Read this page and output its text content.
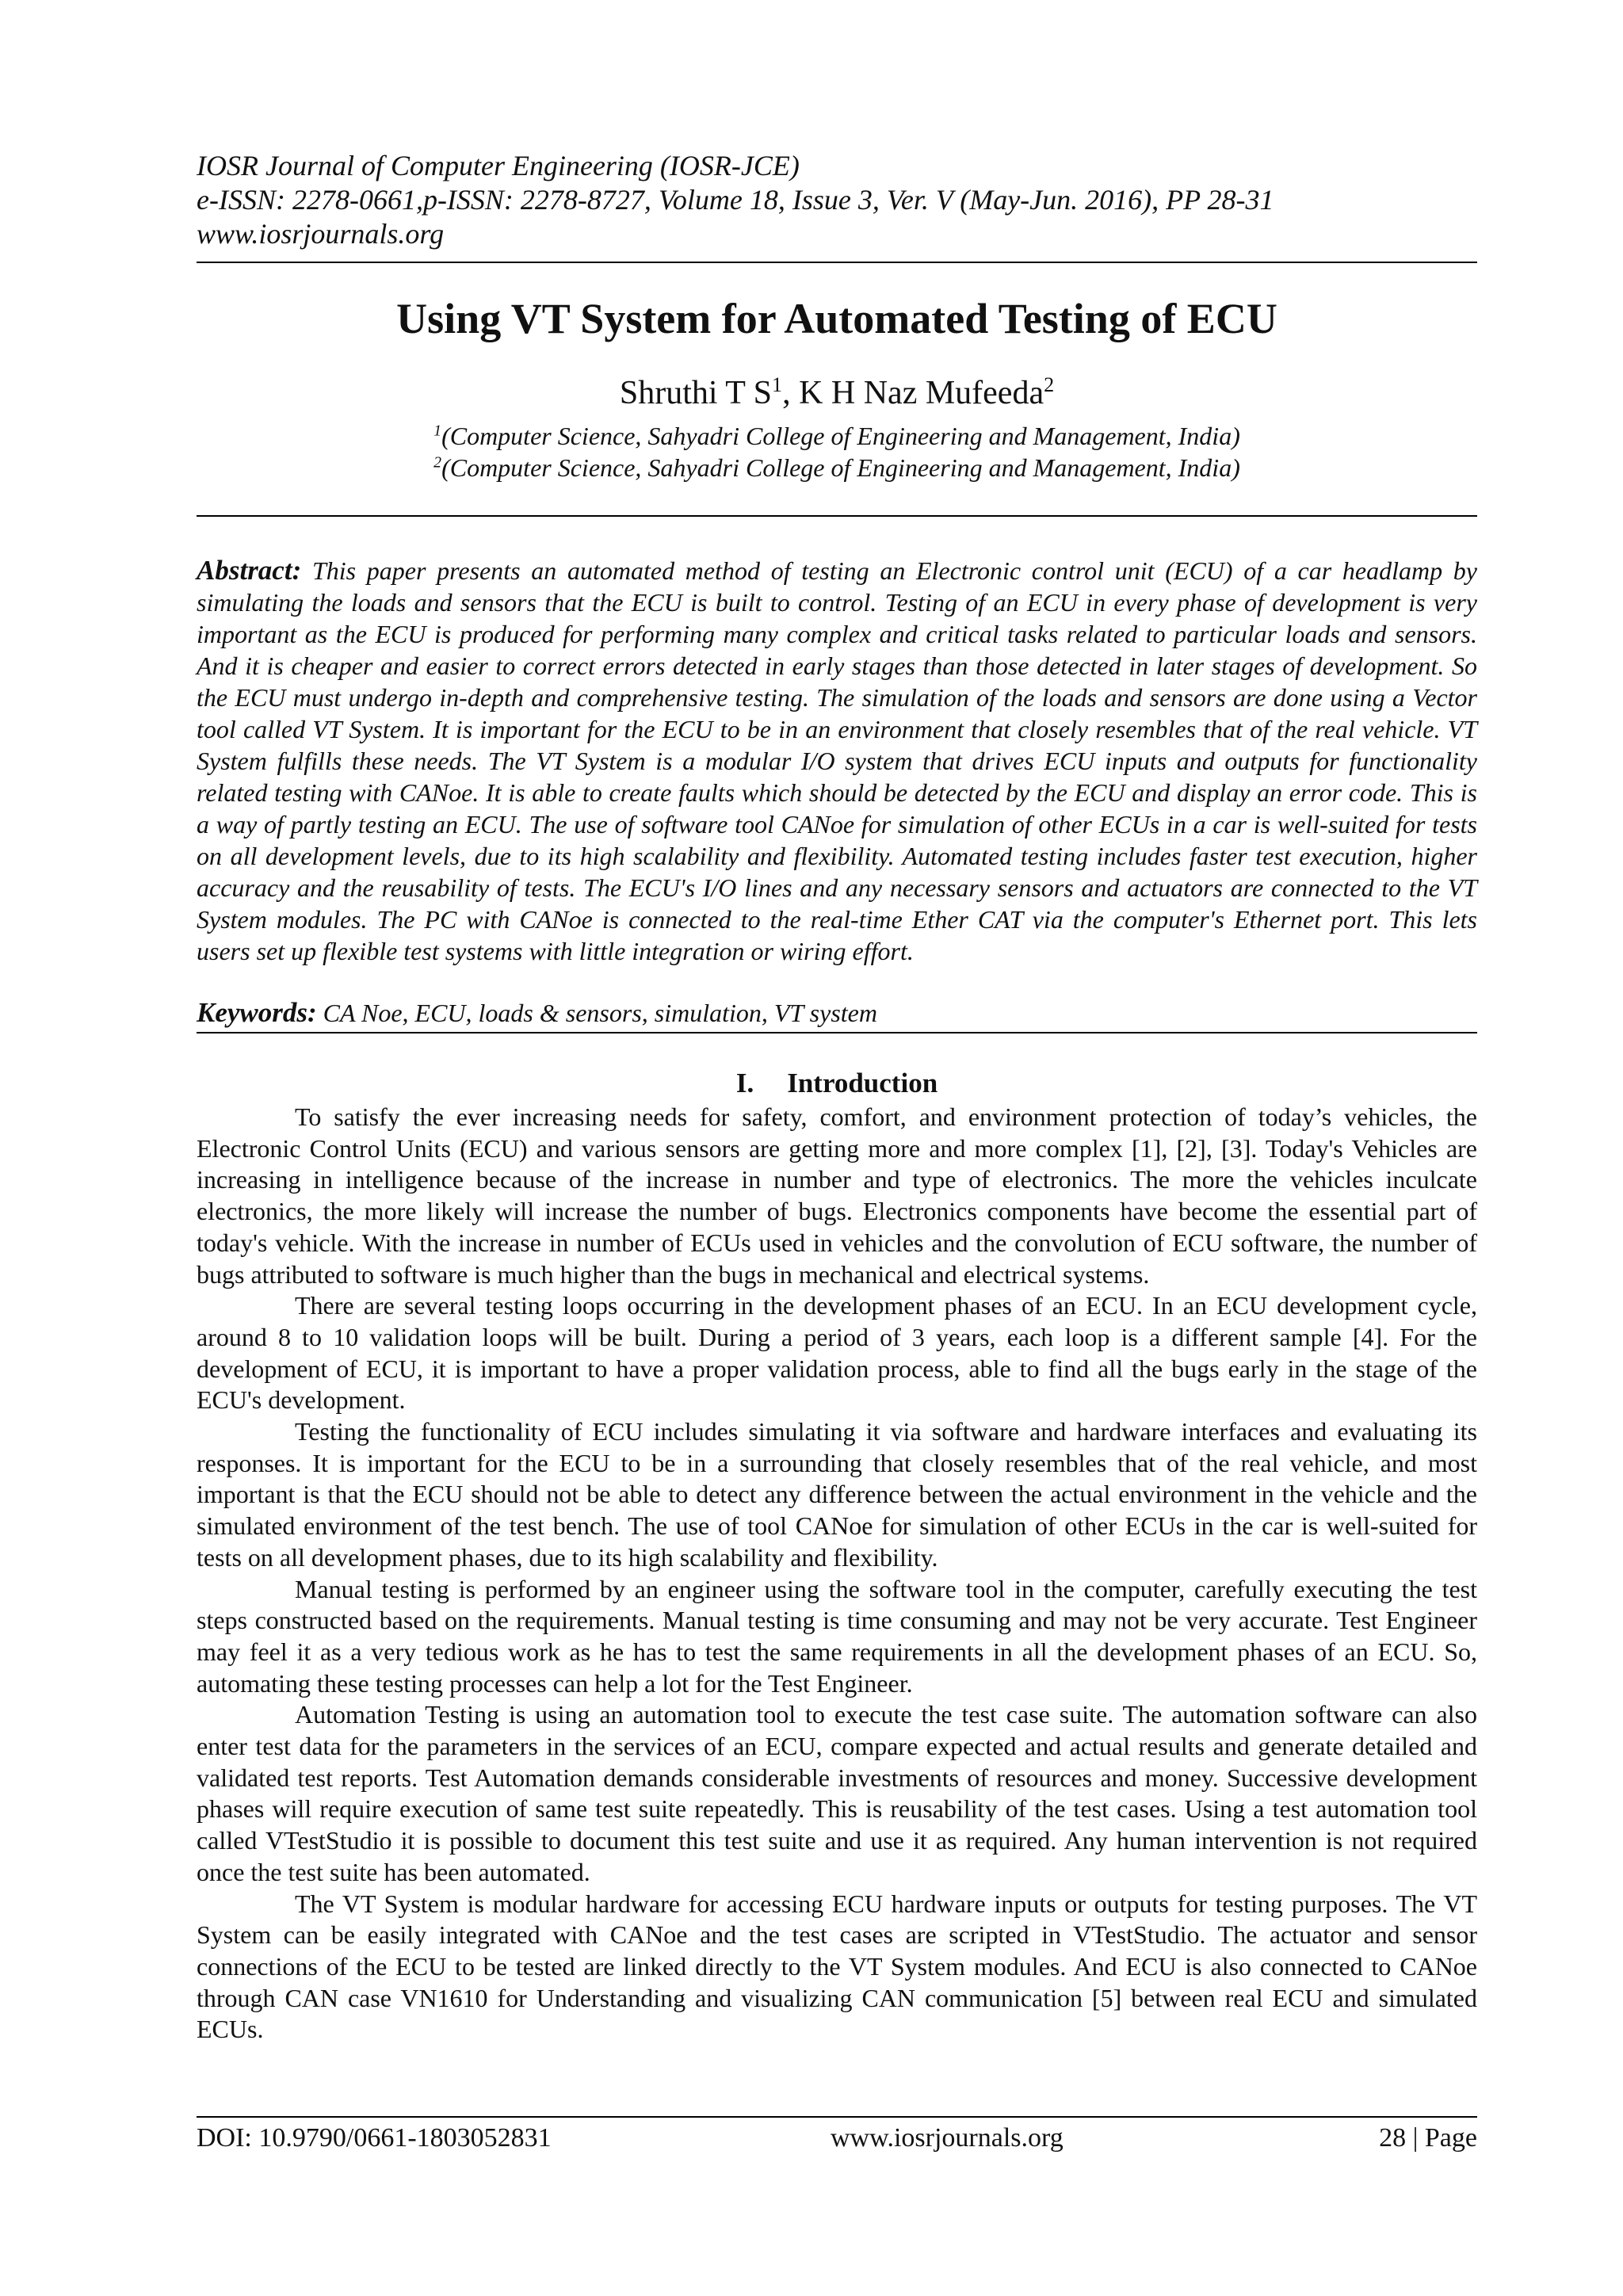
IOSR Journal of Computer Engineering (IOSR-JCE)
e-ISSN: 2278-0661,p-ISSN: 2278-8727, Volume 18, Issue 3, Ver. V (May-Jun. 2016), PP 28-31
www.iosrjournals.org
Using VT System for Automated Testing of ECU
Shruthi T $S^1$, K H Naz Mufeeda$^2$
$^1$(Computer Science, Sahyadri College of Engineering and Management, India)
$^2$(Computer Science, Sahyadri College of Engineering and Management, India)
Abstract: This paper presents an automated method of testing an Electronic control unit (ECU) of a car headlamp by simulating the loads and sensors that the ECU is built to control. Testing of an ECU in every phase of development is very important as the ECU is produced for performing many complex and critical tasks related to particular loads and sensors. And it is cheaper and easier to correct errors detected in early stages than those detected in later stages of development. So the ECU must undergo in-depth and comprehensive testing. The simulation of the loads and sensors are done using a Vector tool called VT System. It is important for the ECU to be in an environment that closely resembles that of the real vehicle. VT System fulfills these needs. The VT System is a modular I/O system that drives ECU inputs and outputs for functionality related testing with CANoe. It is able to create faults which should be detected by the ECU and display an error code. This is a way of partly testing an ECU. The use of software tool CANoe for simulation of other ECUs in a car is well-suited for tests on all development levels, due to its high scalability and flexibility. Automated testing includes faster test execution, higher accuracy and the reusability of tests. The ECU's I/O lines and any necessary sensors and actuators are connected to the VT System modules. The PC with CANoe is connected to the real-time Ether CAT via the computer's Ethernet port. This lets users set up flexible test systems with little integration or wiring effort.
Keywords: CA Noe, ECU, loads & sensors, simulation, VT system
I. Introduction

To satisfy the ever increasing needs for safety, comfort, and environment protection of today’s vehicles, the Electronic Control Units (ECU) and various sensors are getting more and more complex [1], [2], [3]. Today's Vehicles are increasing in intelligence because of the increase in number and type of electronics. The more the vehicles inculcate electronics, the more likely will increase the number of bugs. Electronics components have become the essential part of today's vehicle. With the increase in number of ECUs used in vehicles and the convolution of ECU software, the number of bugs attributed to software is much higher than the bugs in mechanical and electrical systems.

There are several testing loops occurring in the development phases of an ECU. In an ECU development cycle, around 8 to 10 validation loops will be built. During a period of 3 years, each loop is a different sample [4]. For the development of ECU, it is important to have a proper validation process, able to find all the bugs early in the stage of the ECU's development.

Testing the functionality of ECU includes simulating it via software and hardware interfaces and evaluating its responses. It is important for the ECU to be in a surrounding that closely resembles that of the real vehicle, and most important is that the ECU should not be able to detect any difference between the actual environment in the vehicle and the simulated environment of the test bench. The use of tool CANoe for simulation of other ECUs in the car is well-suited for tests on all development phases, due to its high scalability and flexibility.

Manual testing is performed by an engineer using the software tool in the computer, carefully executing the test steps constructed based on the requirements. Manual testing is time consuming and may not be very accurate. Test Engineer may feel it as a very tedious work as he has to test the same requirements in all the development phases of an ECU. So, automating these testing processes can help a lot for the Test Engineer.

Automation Testing is using an automation tool to execute the test case suite. The automation software can also enter test data for the parameters in the services of an ECU, compare expected and actual results and generate detailed and validated test reports. Test Automation demands considerable investments of resources and money. Successive development phases will require execution of same test suite repeatedly. This is reusability of the test cases. Using a test automation tool called VTestStudio it is possible to document this test suite and use it as required. Any human intervention is not required once the test suite has been automated.

The VT System is modular hardware for accessing ECU hardware inputs or outputs for testing purposes. The VT System can be easily integrated with CANoe and the test cases are scripted in VTestStudio. The actuator and sensor connections of the ECU to be tested are linked directly to the VT System modules. And ECU is also connected to CANoe through CAN case VN1610 for Understanding and visualizing CAN communication [5] between real ECU and simulated ECUs.

DOI: 10.9790/0661-1803052831	www.iosrjournals.org	28 | Page
